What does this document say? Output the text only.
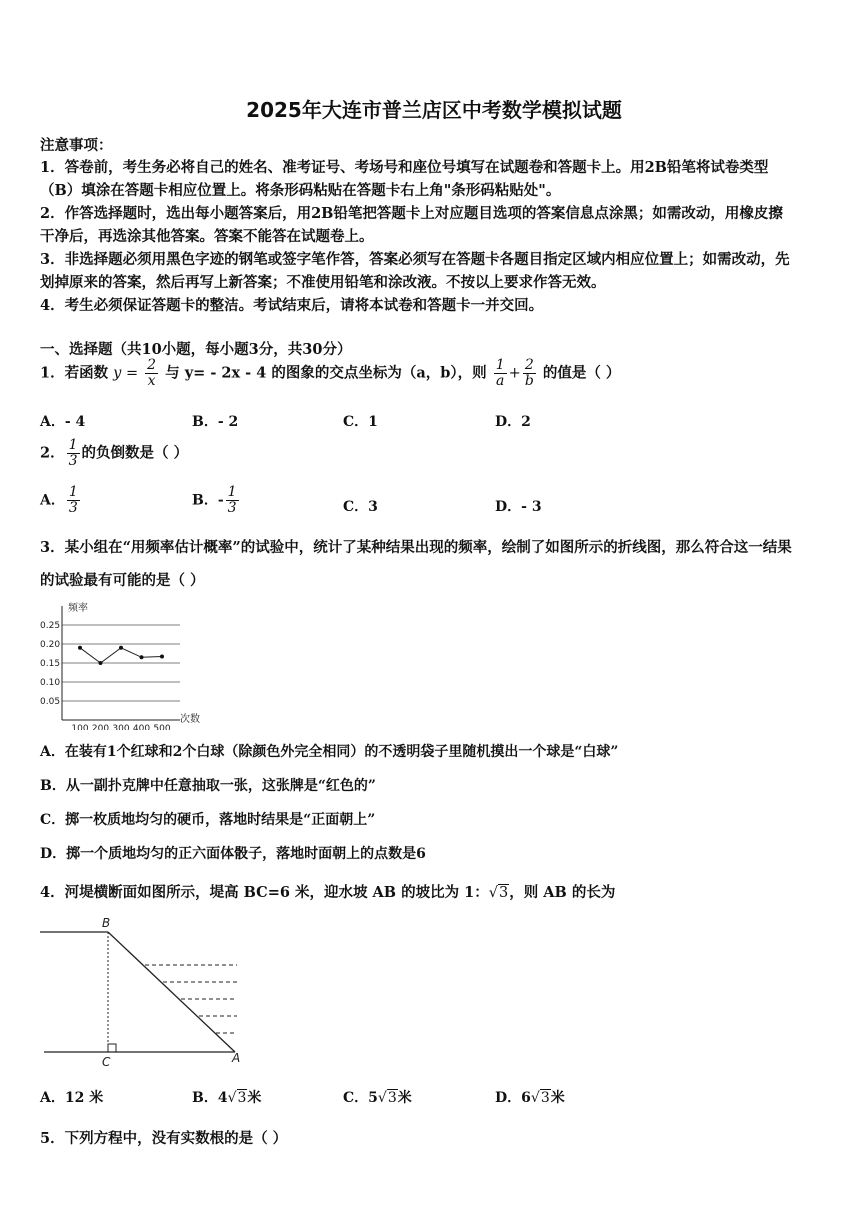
2025年大连市普兰店区中考数学模拟试题
注意事项：
1．答卷前，考生务必将自己的姓名、准考证号、考场号和座位号填写在试题卷和答题卡上。用2B铅笔将试卷类型
（B）填涂在答题卡相应位置上。将条形码粘贴在答题卡右上角"条形码粘贴处"。
2．作答选择题时，选出每小题答案后，用2B铅笔把答题卡上对应题目选项的答案信息点涂黑；如需改动，用橡皮擦
干净后，再选涂其他答案。答案不能答在试题卷上。
3．非选择题必须用黑色字迹的钢笔或签字笔作答，答案必须写在答题卡各题目指定区域内相应位置上；如需改动，先
划掉原来的答案，然后再写上新答案；不准使用铅笔和涂改液。不按以上要求作答无效。
4．考生必须保证答题卡的整洁。考试结束后，请将本试卷和答题卡一并交回。
一、选择题（共10小题，每小题3分，共30分）
1．若函数 $y = \frac{2}{x}$ 与 y= - 2x - 4 的图象的交点坐标为（a，b），则 $\frac{1}{a} + \frac{2}{b}$ 的值是（ ）
A．- 4	B．- 2	C．1	D．2
2． $\frac{1}{3}$ 的负倒数是（ ）
A． $\frac{1}{3}$	B．- $\frac{1}{3}$	C．3	D．- 3
3．某小组在“用频率估计概率”的试验中，统计了某种结果出现的频率，绘制了如图所示的折线图，那么符合这一结果
的试验最有可能的是（ ）
频率
次数
0.25
0.20
0.15
0.10
0.05
100 200 300 400 500
A．在装有1个红球和2个白球（除颜色外完全相同）的不透明袋子里随机摸出一个球是“白球”
B．从一副扑克牌中任意抽取一张，这张牌是“红色的”
C．掷一枚质地均匀的硬币，落地时结果是“正面朝上”
D．掷一个质地均匀的正六面体骰子，落地时面朝上的点数是6
4．河堤横断面如图所示，堤高 BC=6 米，迎水坡 AB 的坡比为 1：√3，则 AB 的长为
B
C	A
A．12 米	B．4√3米	C．5√3米	D．6√3米
5．下列方程中，没有实数根的是（ ）
